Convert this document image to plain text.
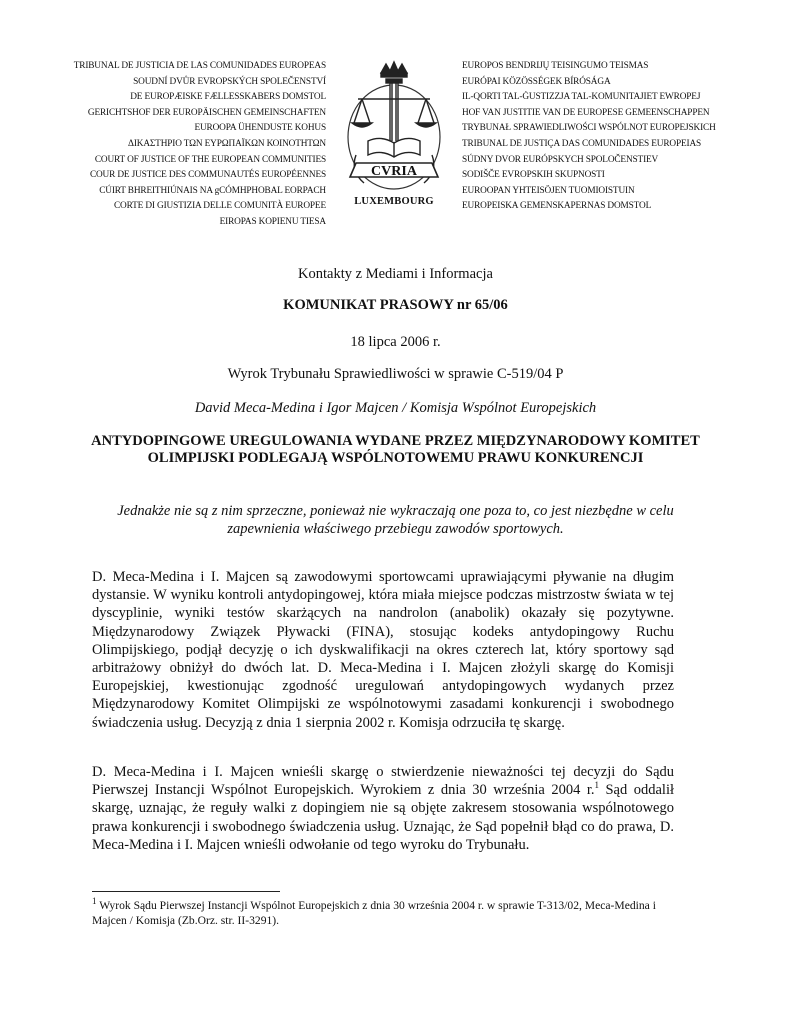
TRIBUNAL DE JUSTICIA DE LAS COMUNIDADES EUROPEAS
SOUDNÍ DVŮR EVROPSKÝCH SPOLEČENSTVÍ
DE EUROPÆISKE FÆLLESSKABERS DOMSTOL
GERICHTSHOF DER EUROPÄISCHEN GEMEINSCHAFTEN
EUROOPA ÜHENDUSTE KOHUS
ΔΙΚΑΣΤΗΡΙΟ ΤΩΝ ΕΥΡΩΠΑΪΚΩΝ ΚΟΙΝΟΤΗΤΩΝ
COURT OF JUSTICE OF THE EUROPEAN COMMUNITIES
COUR DE JUSTICE DES COMMUNAUTÉS EUROPÉENNES
CÚIRT BHREITHIÚNAIS NA gCÓMHPHOBAL EORPACH
CORTE DI GIUSTIZIA DELLE COMUNITÀ EUROPEE
EIROPAS KOPIENU TIESA
CVRIA
LUXEMBOURG
EUROPOS BENDRIJŲ TEISINGUMO TEISMAS
EURÓPAI KÖZÖSSÉGEK BÍRÓSÁGA
IL-QORTI TAL-ĠUSTIZZJA TAL-KOMUNITAJIET EWROPEJ
HOF VAN JUSTITIE VAN DE EUROPESE GEMEENSCHAPPEN
TRYBUNAŁ SPRAWIEDLIWOŚCI WSPÓLNOT EUROPEJSKICH
TRIBUNAL DE JUSTIÇA DAS COMUNIDADES EUROPEIAS
SÚDNY DVOR EURÓPSKYCH SPOLOČENSTIEV
SODIŠČE EVROPSKIH SKUPNOSTI
EUROOPAN YHTEISÖJEN TUOMIOISTUIN
EUROPEISKA GEMENSKAPERNAS DOMSTOL
Kontakty z Mediami i Informacja
KOMUNIKAT PRASOWY nr 65/06
18 lipca 2006 r.
Wyrok Trybunału Sprawiedliwości w sprawie C-519/04 P
David Meca-Medina i Igor Majcen / Komisja Wspólnot Europejskich
ANTYDOPINGOWE UREGULOWANIA WYDANE PRZEZ MIĘDZYNARODOWY KOMITET OLIMPIJSKI PODLEGAJĄ WSPÓLNOTOWEMU PRAWU KONKURENCJI
Jednakże nie są z nim sprzeczne, ponieważ nie wykraczają one poza to, co jest niezbędne w celu zapewnienia właściwego przebiegu zawodów sportowych.
D. Meca-Medina i I. Majcen są zawodowymi sportowcami uprawiającymi pływanie na długim dystansie. W wyniku kontroli antydopingowej, która miała miejsce podczas mistrzostw świata w tej dyscyplinie, wyniki testów skarżących na nandrolon (anabolik) okazały się pozytywne. Międzynarodowy Związek Pływacki (FINA), stosując kodeks antydopingowy Ruchu Olimpijskiego, podjął decyzję o ich dyskwalifikacji na okres czterech lat, który sportowy sąd arbitrażowy obniżył do dwóch lat. D. Meca-Medina i I. Majcen złożyli skargę do Komisji Europejskiej, kwestionując zgodność uregulowań antydopingowych wydanych przez Międzynarodowy Komitet Olimpijski ze wspólnotowymi zasadami konkurencji i swobodnego świadczenia usług. Decyzją z dnia 1 sierpnia 2002 r. Komisja odrzuciła tę skargę.
D. Meca-Medina i I. Majcen wnieśli skargę o stwierdzenie nieważności tej decyzji do Sądu Pierwszej Instancji Wspólnot Europejskich. Wyrokiem z dnia 30 września 2004 r.$^1$ Sąd oddalił skargę, uznając, że reguły walki z dopingiem nie są objęte zakresem stosowania wspólnotowego prawa konkurencji i swobodnego świadczenia usług. Uznając, że Sąd popełnił błąd co do prawa, D. Meca-Medina i I. Majcen wnieśli odwołanie od tego wyroku do Trybunału.
$^1$ Wyrok Sądu Pierwszej Instancji Wspólnot Europejskich z dnia 30 września 2004 r. w sprawie T-313/02, Meca-Medina i Majcen / Komisja (Zb.Orz. str. II-3291).
